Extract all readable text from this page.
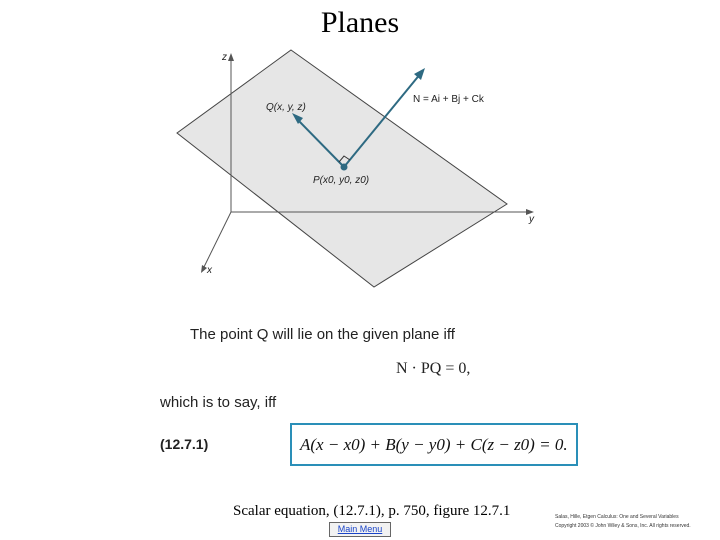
Planes
z
y
x
Q(x, y, z)
P(x0, y0, z0)
N = Ai + Bj + Ck
The point Q will lie on the given plane iff
N · PQ = 0,
which is to say, iff
(12.7.1)	A(x − x0) + B(y − y0) + C(z − z0) = 0.
Scalar equation, (12.7.1), p. 750, figure 12.7.1
Main Menu
Salas, Hille, Etgen Calculus: One and Several Variables
Copyright 2003 © John Wiley & Sons, Inc. All rights reserved.
